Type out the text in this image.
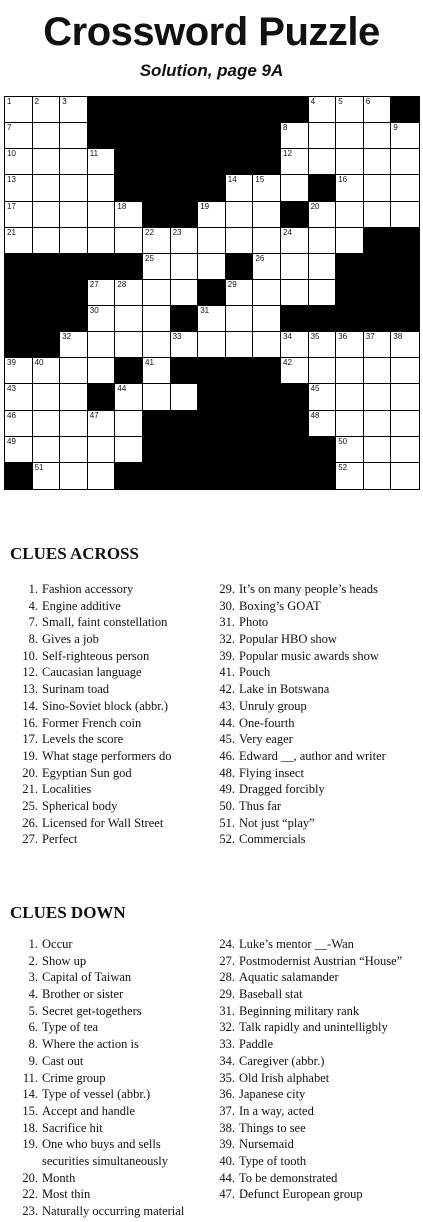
Crossword Puzzle
Solution, page 9A
1	2	3	4	5	6
7	8	9
10	11	12
13	14 15	16
17	18	19	20
21	22 23	24
25	26
27 28	29
30	31
32	33	34 35 36 37 38
39 40	41	42
43	44	45
46	47	48
49	50
51	52
CLUES ACROSS
1. Fashion accessory
4. Engine additive
7. Small, faint constellation
8. Gives a job
10. Self-righteous person
12. Caucasian language
13. Surinam toad
14. Sino-Soviet block (abbr.)
16. Former French coin
17. Levels the score
19. What stage performers do
20. Egyptian Sun god
21. Localities
25. Spherical body
26. Licensed for Wall Street
27. Perfect
29. It’s on many people’s heads
30. Boxing’s GOAT
31. Photo
32. Popular HBO show
39. Popular music awards show
41. Pouch
42. Lake in Botswana
43. Unruly group
44. One-fourth
45. Very eager
46. Edward __, author and writer
48. Flying insect
49. Dragged forcibly
50. Thus far
51. Not just “play”
52. Commercials
CLUES DOWN
1. Occur
2. Show up
3. Capital of Taiwan
4. Brother or sister
5. Secret get-togethers
6. Type of tea
8. Where the action is
9. Cast out
11. Crime group
14. Type of vessel (abbr.)
15. Accept and handle
18. Sacrifice hit
19. One who buys and sells
securities simultaneously
20. Month
22. Most thin
23. Naturally occurring material
24. Luke’s mentor __-Wan
27. Postmodernist Austrian “House”
28. Aquatic salamander
29. Baseball stat
31. Beginning military rank
32. Talk rapidly and unintelligbly
33. Paddle
34. Caregiver (abbr.)
35. Old Irish alphabet
36. Japanese city
37. In a way, acted
38. Things to see
39. Nursemaid
40. Type of tooth
44. To be demonstrated
47. Defunct European group
